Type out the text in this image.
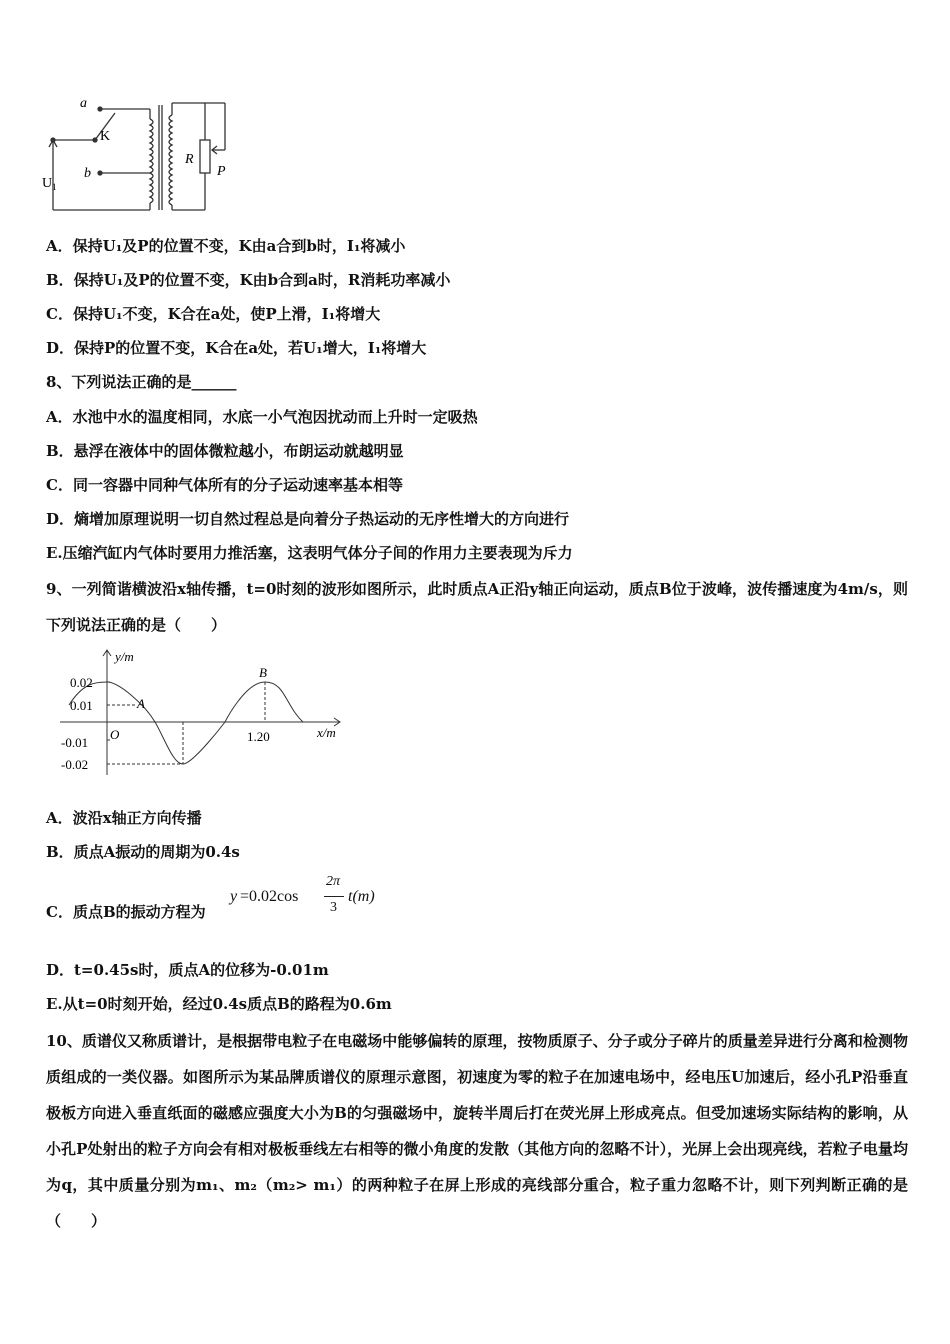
a
K
b
U 1
R
P
A．保持U₁及P的位置不变，K由a合到b时，I₁将减小
B．保持U₁及P的位置不变，K由b合到a时，R消耗功率减小
C．保持U₁不变，K合在a处，使P上滑，I₁将增大
D．保持P的位置不变，K合在a处，若U₁增大，I₁将增大
8、下列说法正确的是______
A．水池中水的温度相同，水底一小气泡因扰动而上升时一定吸热
B．悬浮在液体中的固体微粒越小，布朗运动就越明显
C．同一容器中同种气体所有的分子运动速率基本相等
D．熵增加原理说明一切自然过程总是向着分子热运动的无序性增大的方向进行
E.压缩汽缸内气体时要用力推活塞，这表明气体分子间的作用力主要表现为斥力
9、一列简谐横波沿x轴传播，t=0时刻的波形如图所示，此时质点A正沿y轴正向运动，质点B位于波峰，波传播速度为4m/s，则下列说法正确的是（　　）
y/m
x/m
O
0.02
0.01
-0.01
-0.02
1.20
A
B
A．波沿x轴正方向传播
B．质点A振动的周期为0.4s
C．质点B的振动方程为
y =0.02cos
2π
3
t(m)
D．t=0.45s时，质点A的位移为-0.01m
E.从t=0时刻开始，经过0.4s质点B的路程为0.6m
10、质谱仪又称质谱计，是根据带电粒子在电磁场中能够偏转的原理，按物质原子、分子或分子碎片的质量差异进行分离和检测物质组成的一类仪器。如图所示为某品牌质谱仪的原理示意图，初速度为零的粒子在加速电场中，经电压U加速后，经小孔P沿垂直极板方向进入垂直纸面的磁感应强度大小为B的匀强磁场中，旋转半周后打在荧光屏上形成亮点。但受加速场实际结构的影响，从小孔P处射出的粒子方向会有相对极板垂线左右相等的微小角度的发散（其他方向的忽略不计），光屏上会出现亮线，若粒子电量均为q，其中质量分别为m₁、m₂（m₂> m₁）的两种粒子在屏上形成的亮线部分重合，粒子重力忽略不计，则下列判断正确的是（　　）
